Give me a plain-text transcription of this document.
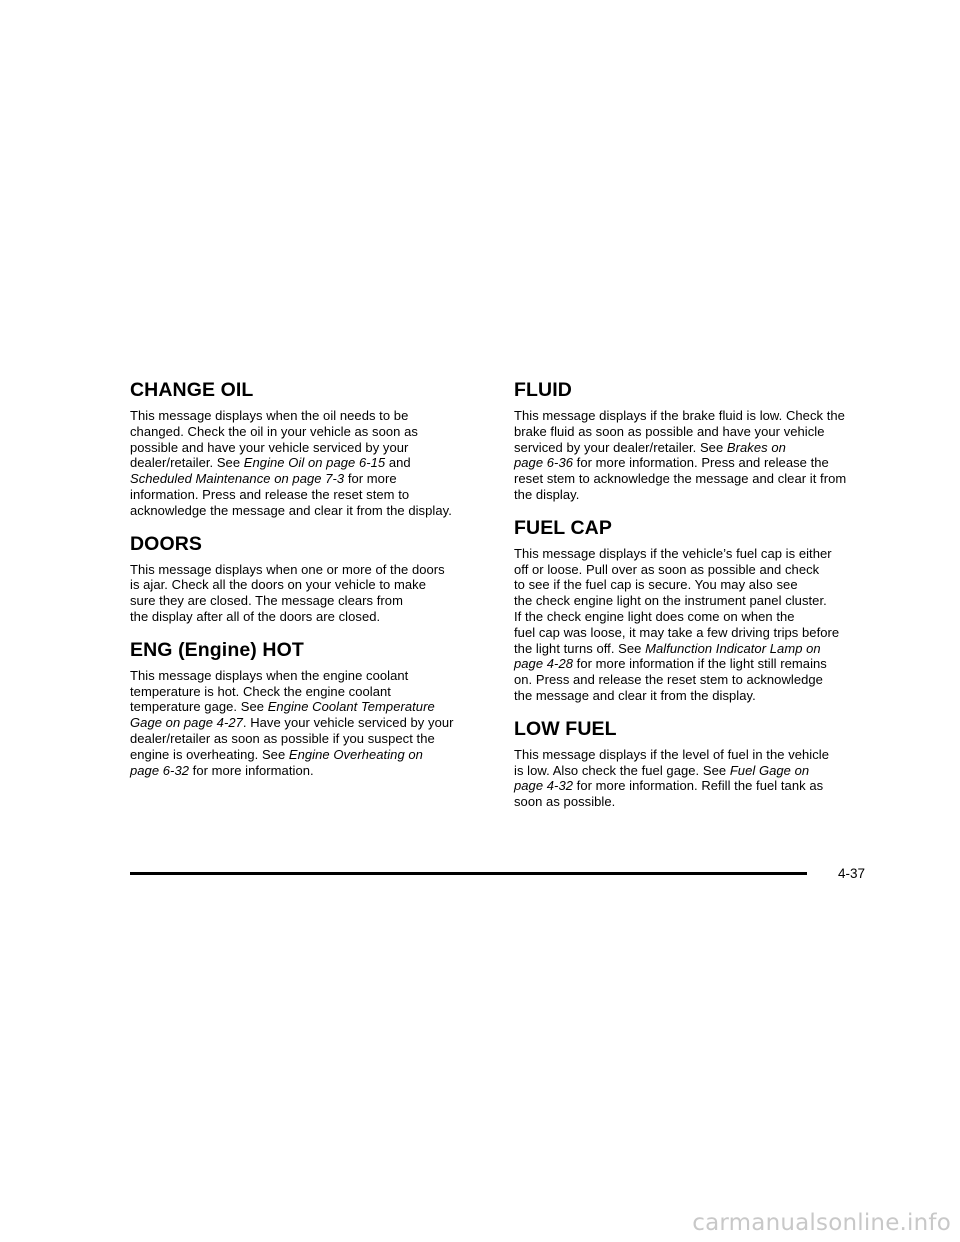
CHANGE OIL

This message displays when the oil needs to be
changed. Check the oil in your vehicle as soon as
possible and have your vehicle serviced by your
dealer/retailer. See Engine Oil on page 6-15 and
Scheduled Maintenance on page 7-3 for more
information. Press and release the reset stem to
acknowledge the message and clear it from the display.

DOORS

This message displays when one or more of the doors
is ajar. Check all the doors on your vehicle to make
sure they are closed. The message clears from
the display after all of the doors are closed.

ENG (Engine) HOT

This message displays when the engine coolant
temperature is hot. Check the engine coolant
temperature gage. See Engine Coolant Temperature
Gage on page 4-27. Have your vehicle serviced by your
dealer/retailer as soon as possible if you suspect the
engine is overheating. See Engine Overheating on
page 6-32 for more information.

FLUID

This message displays if the brake fluid is low. Check the
brake fluid as soon as possible and have your vehicle
serviced by your dealer/retailer. See Brakes on
page 6-36 for more information. Press and release the
reset stem to acknowledge the message and clear it from
the display.

FUEL CAP

This message displays if the vehicle’s fuel cap is either
off or loose. Pull over as soon as possible and check
to see if the fuel cap is secure. You may also see
the check engine light on the instrument panel cluster.
If the check engine light does come on when the
fuel cap was loose, it may take a few driving trips before
the light turns off. See Malfunction Indicator Lamp on
page 4-28 for more information if the light still remains
on. Press and release the reset stem to acknowledge
the message and clear it from the display.

LOW FUEL

This message displays if the level of fuel in the vehicle
is low. Also check the fuel gage. See Fuel Gage on
page 4-32 for more information. Refill the fuel tank as
soon as possible.

4-37
carmanualsonline.info
